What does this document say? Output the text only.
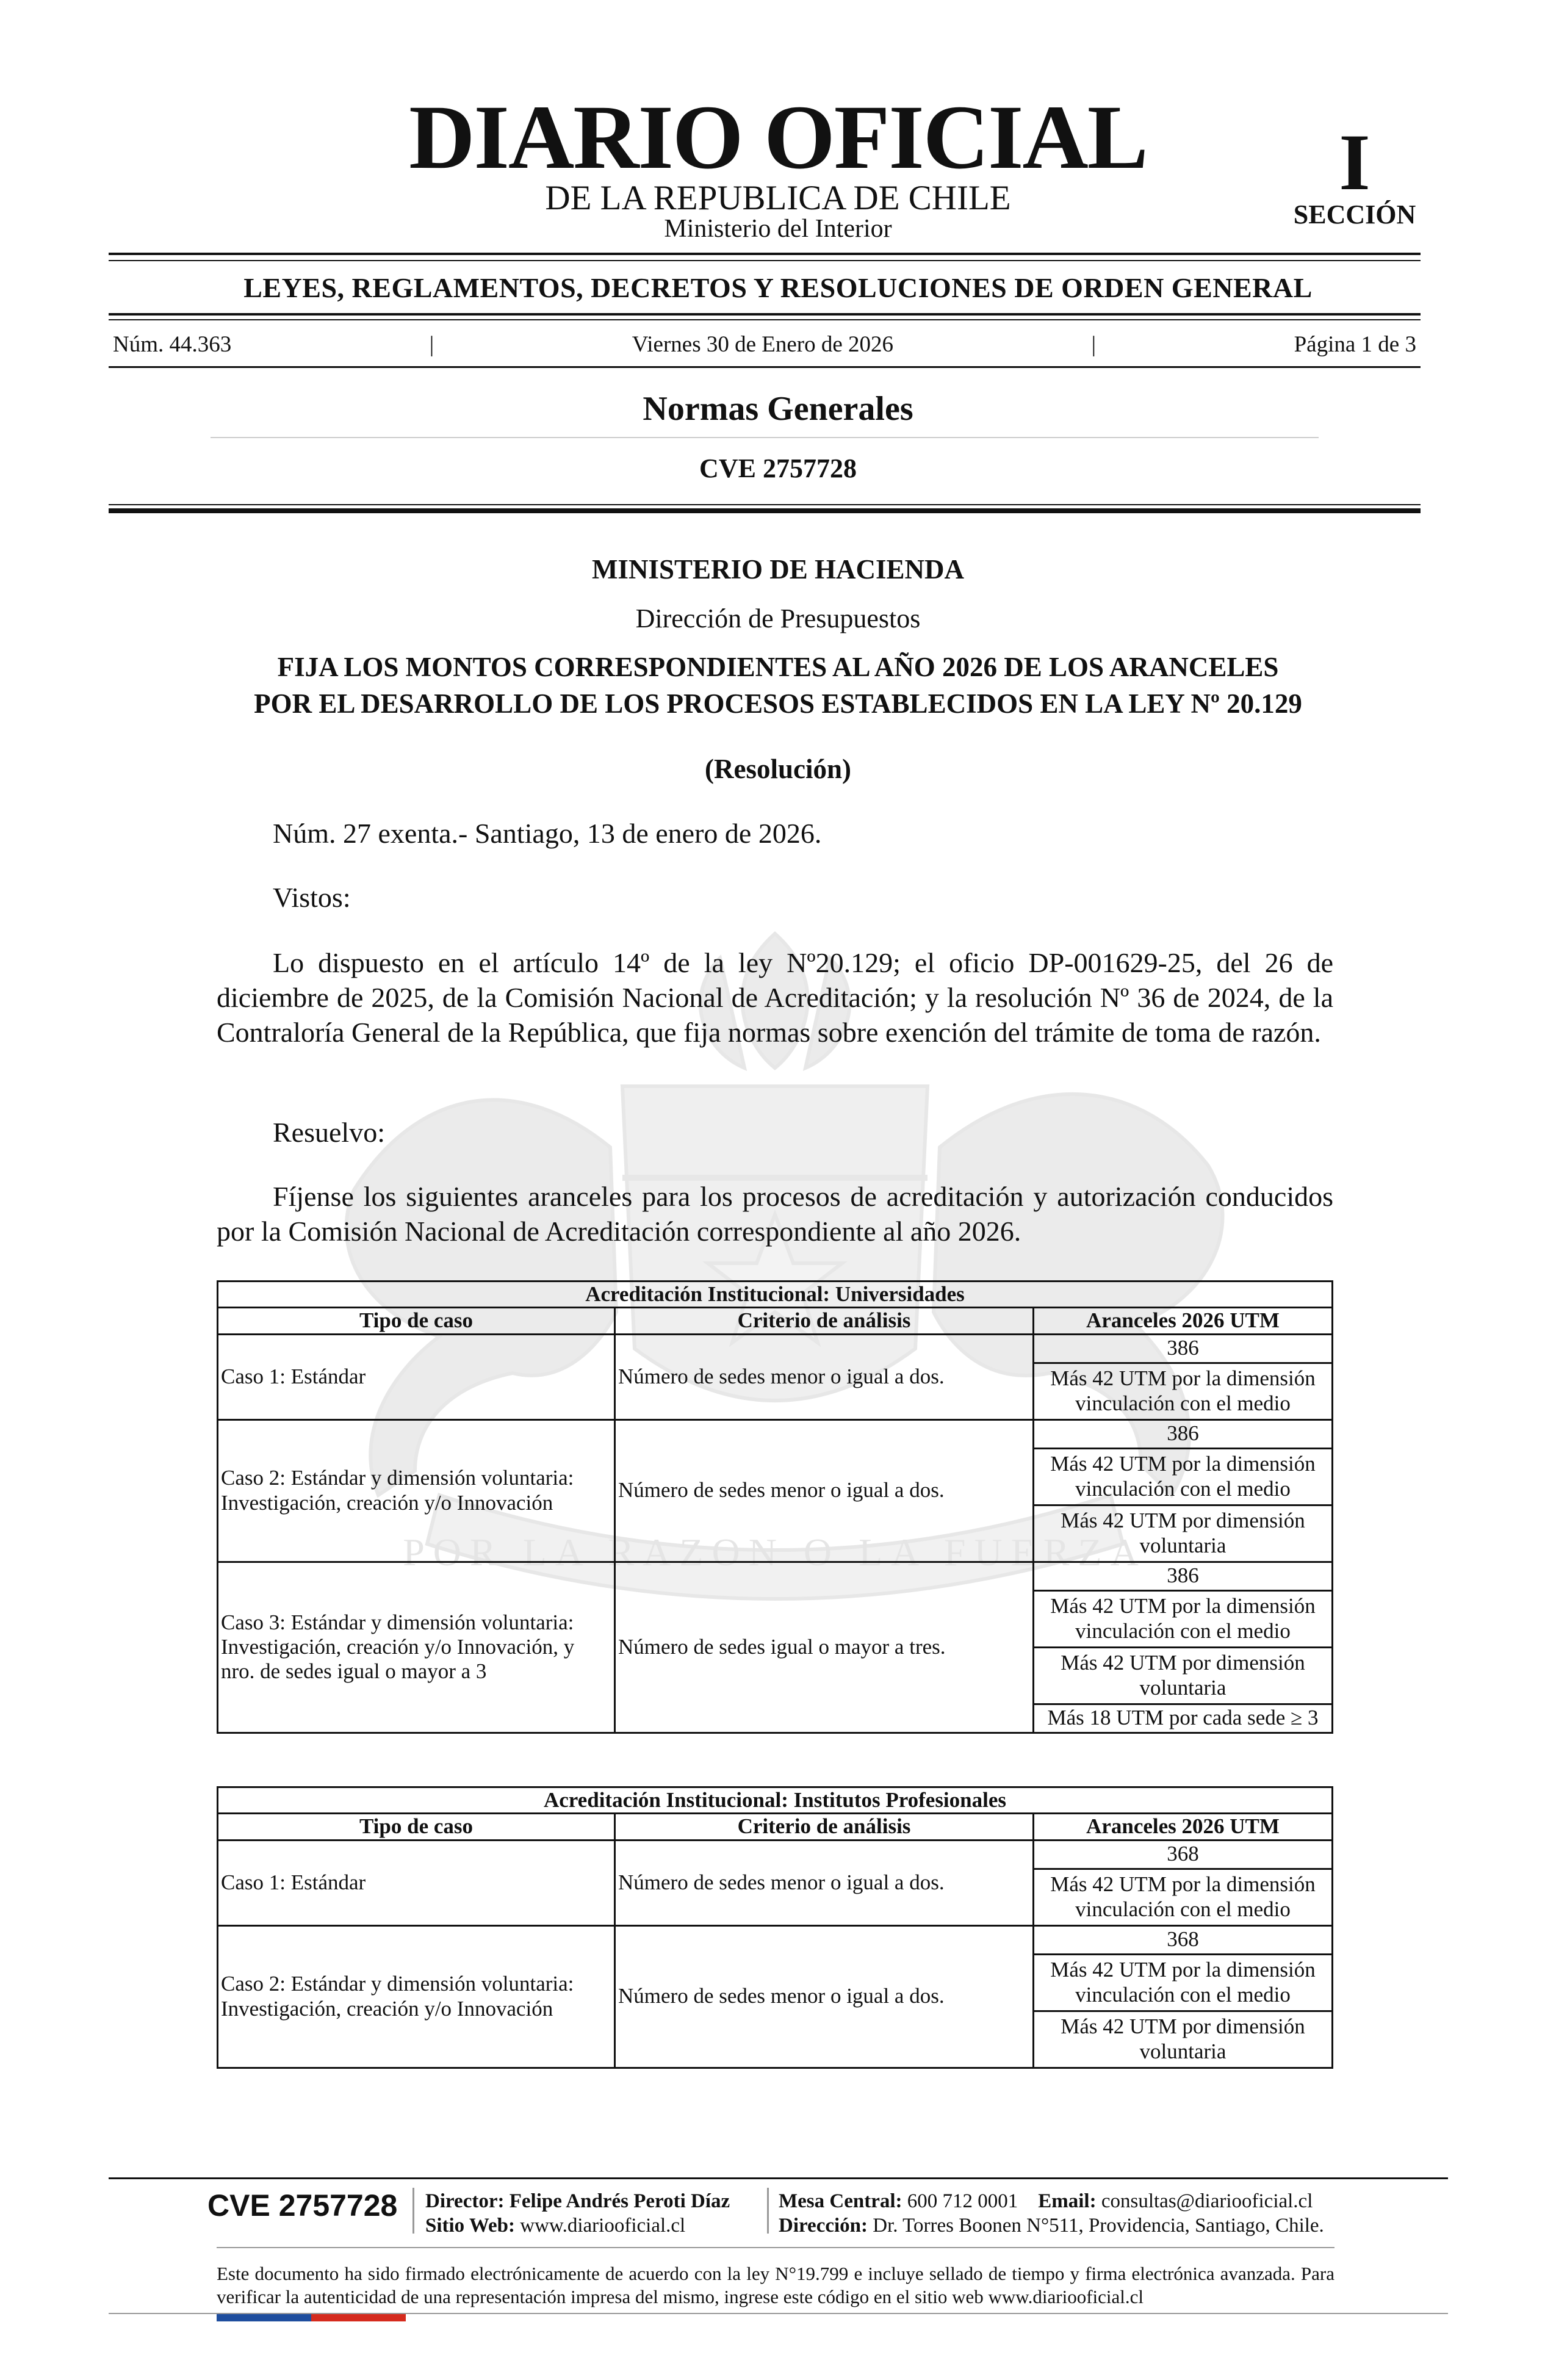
POR LA RAZON O LA FUERZA
DIARIO OFICIAL
DE LA REPUBLICA DE CHILE
Ministerio del Interior
I
SECCIÓN
LEYES, REGLAMENTOS, DECRETOS Y RESOLUCIONES DE ORDEN GENERAL
Núm. 44.363	|	Viernes 30 de Enero de 2026	|	Página 1 de 3
Normas Generales
CVE 2757728
MINISTERIO DE HACIENDA
Dirección de Presupuestos
FIJA LOS MONTOS CORRESPONDIENTES AL AÑO 2026 DE LOS ARANCELES
POR EL DESARROLLO DE LOS PROCESOS ESTABLECIDOS EN LA LEY Nº 20.129
(Resolución)
Núm. 27 exenta.- Santiago, 13 de enero de 2026.
Vistos:
Lo dispuesto en el artículo 14º de la ley Nº20.129; el oficio DP-001629-25, del 26 de diciembre de 2025, de la Comisión Nacional de Acreditación; y la resolución Nº 36 de 2024, de la Contraloría General de la República, que fija normas sobre exención del trámite de toma de razón.
Resuelvo:
Fíjense los siguientes aranceles para los procesos de acreditación y autorización conducidos por la Comisión Nacional de Acreditación correspondiente al año 2026.
Acreditación Institucional: Universidades		
Tipo de caso	Criterio de análisis	Aranceles 2026 UTM
Caso 1: Estándar	Número de sedes menor o igual a dos.	386
		Más 42 UTM por la dimensión vinculación con el medio
Caso 2: Estándar y dimensión voluntaria: Investigación, creación y/o Innovación	Número de sedes menor o igual a dos.	386
		Más 42 UTM por la dimensión vinculación con el medio
		Más 42 UTM por dimensión voluntaria
Caso 3: Estándar y dimensión voluntaria: Investigación, creación y/o Innovación, y nro. de sedes igual o mayor a 3	Número de sedes igual o mayor a tres.	386
		Más 42 UTM por la dimensión vinculación con el medio
		Más 42 UTM por dimensión voluntaria
		Más 18 UTM por cada sede ≥ 3
Acreditación Institucional: Institutos Profesionales		
Tipo de caso	Criterio de análisis	Aranceles 2026 UTM
Caso 1: Estándar	Número de sedes menor o igual a dos.	368
		Más 42 UTM por la dimensión vinculación con el medio
Caso 2: Estándar y dimensión voluntaria: Investigación, creación y/o Innovación	Número de sedes menor o igual a dos.	368
		Más 42 UTM por la dimensión vinculación con el medio
		Más 42 UTM por dimensión voluntaria
CVE 2757728 Director: Felipe Andrés Peroti Díaz
Sitio Web: www.diariooficial.cl
Mesa Central: 600 712 0001 Email: consultas@diariooficial.cl
Dirección: Dr. Torres Boonen N°511, Providencia, Santiago, Chile.
Este documento ha sido firmado electrónicamente de acuerdo con la ley N°19.799 e incluye sellado de tiempo y firma electrónica avanzada. Para verificar la autenticidad de una representación impresa del mismo, ingrese este código en el sitio web www.diariooficial.cl
